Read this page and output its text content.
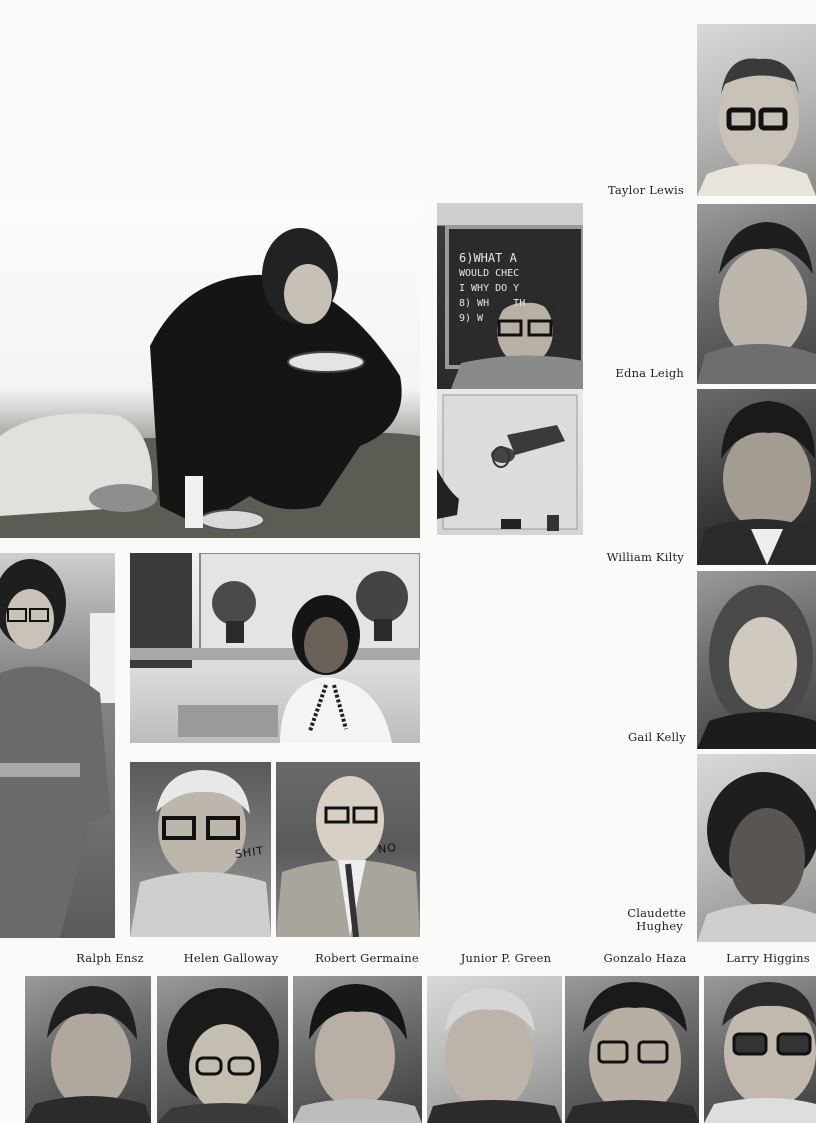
Taylor Lewis
Edna Leigh
William Kilty
Gail Kelly
Claudette
Hughey
6)WHAT A
WOULD CHEC
I WHY DO Y
8) WH    TH
9) W
SHIT	NO
Ralph Ensz	Helen Galloway	Robert Germaine	Junior P. Green	Gonzalo Haza	Larry Higgins
